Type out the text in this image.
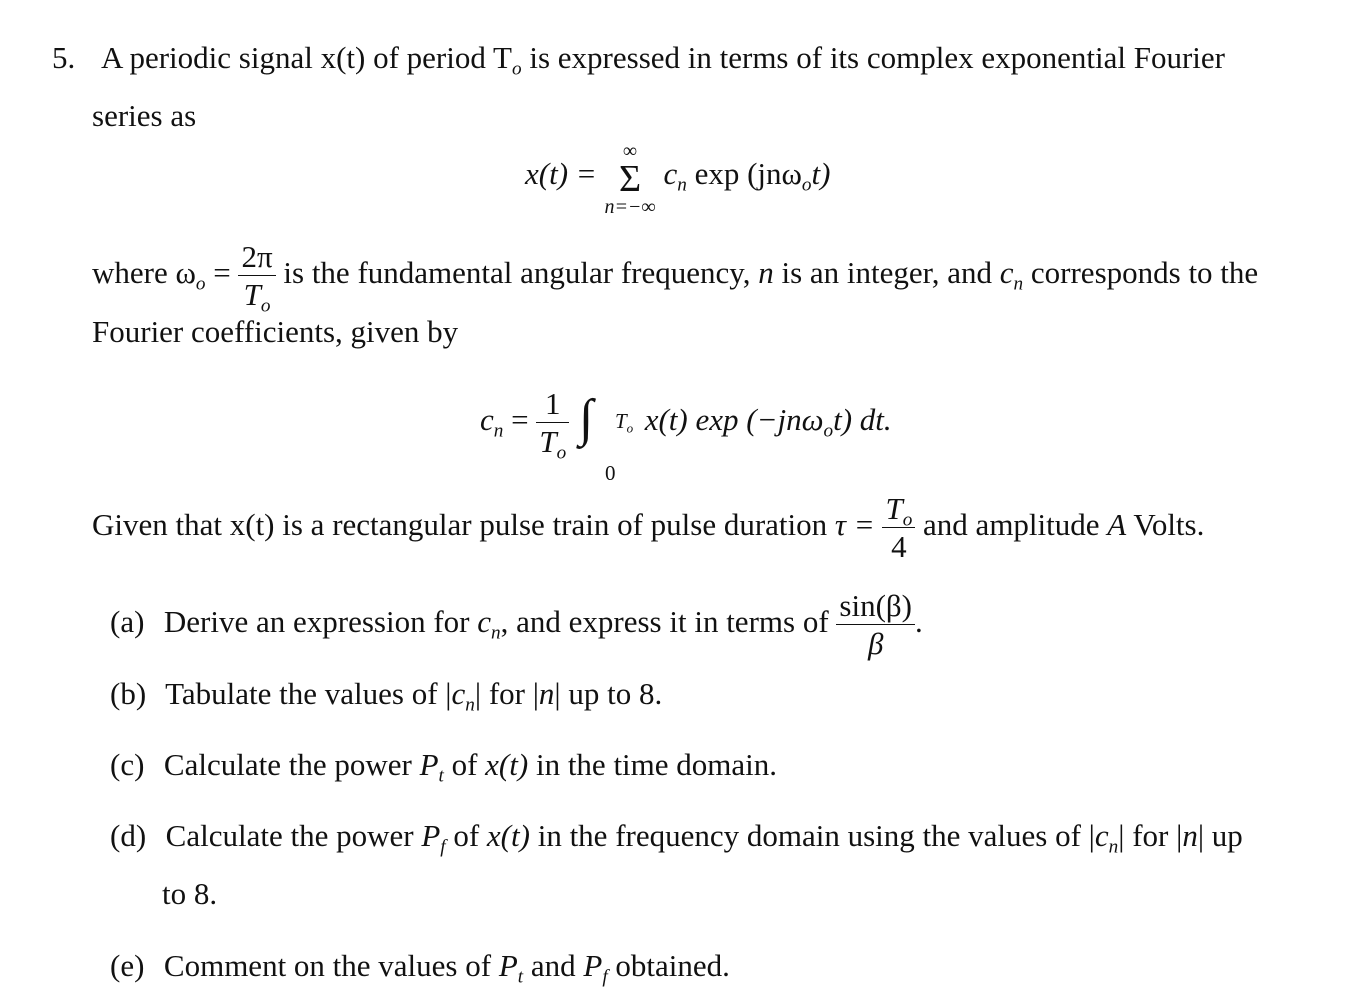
5. A periodic signal x(t) of period $T_o$ is expressed in terms of its complex exponential Fourier
series as
x(t) =
∞
Σ
n=−∞
$c_n$ exp (jnω$_o$t)
where $\omega_o = \frac{2\pi}{T_o}$ is the fundamental angular frequency, n is an integer, and $c_n$ corresponds to the
Fourier coefficients, given by
$c_n = \frac{1}{T_o}$
∫ $T_o$
0
x(t) exp (−jnω$_o$t) dt.
Given that x(t) is a rectangular pulse train of pulse duration $\tau = \frac{T_o}{4}$ and amplitude A Volts.
(a) Derive an expression for $c_n$, and express it in terms of $\frac{\sin(\beta)}{\beta}$ .
(b) Tabulate the values of $|c_n|$ for |n| up to 8.
(c) Calculate the power $P_t$ of x(t) in the time domain.
(d) Calculate the power $P_f$ of x(t) in the frequency domain using the values of $|c_n|$ for |n| up
to 8.
(e) Comment on the values of $P_t$ and $P_f$ obtained.
